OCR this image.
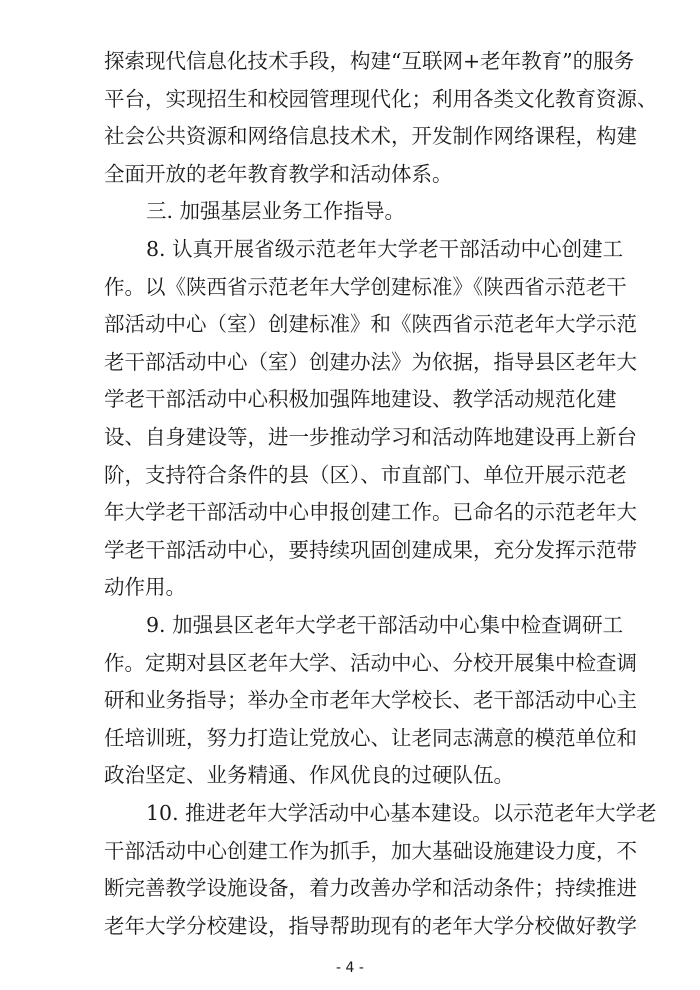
探索现代信息化技术手段，构建“互联网+老年教育”的服务
平台，实现招生和校园管理现代化；利用各类文化教育资源、
社会公共资源和网络信息技术术，开发制作网络课程，构建
全面开放的老年教育教学和活动体系。
三. 加强基层业务工作指导。
8. 认真开展省级示范老年大学老干部活动中心创建工
作。以《陕西省示范老年大学创建标准》《陕西省示范老干
部活动中心（室）创建标准》和《陕西省示范老年大学示范
老干部活动中心（室）创建办法》为依据，指导县区老年大
学老干部活动中心积极加强阵地建设、教学活动规范化建
设、自身建设等，进一步推动学习和活动阵地建设再上新台
阶，支持符合条件的县（区）、市直部门、单位开展示范老
年大学老干部活动中心申报创建工作。已命名的示范老年大
学老干部活动中心，要持续巩固创建成果，充分发挥示范带
动作用。
9. 加强县区老年大学老干部活动中心集中检查调研工
作。定期对县区老年大学、活动中心、分校开展集中检查调
研和业务指导；举办全市老年大学校长、老干部活动中心主
任培训班，努力打造让党放心、让老同志满意的模范单位和
政治坚定、业务精通、作风优良的过硬队伍。
10. 推进老年大学活动中心基本建设。以示范老年大学老
干部活动中心创建工作为抓手，加大基础设施建设力度，不
断完善教学设施设备，着力改善办学和活动条件；持续推进
老年大学分校建设，指导帮助现有的老年大学分校做好教学
- 4 -
